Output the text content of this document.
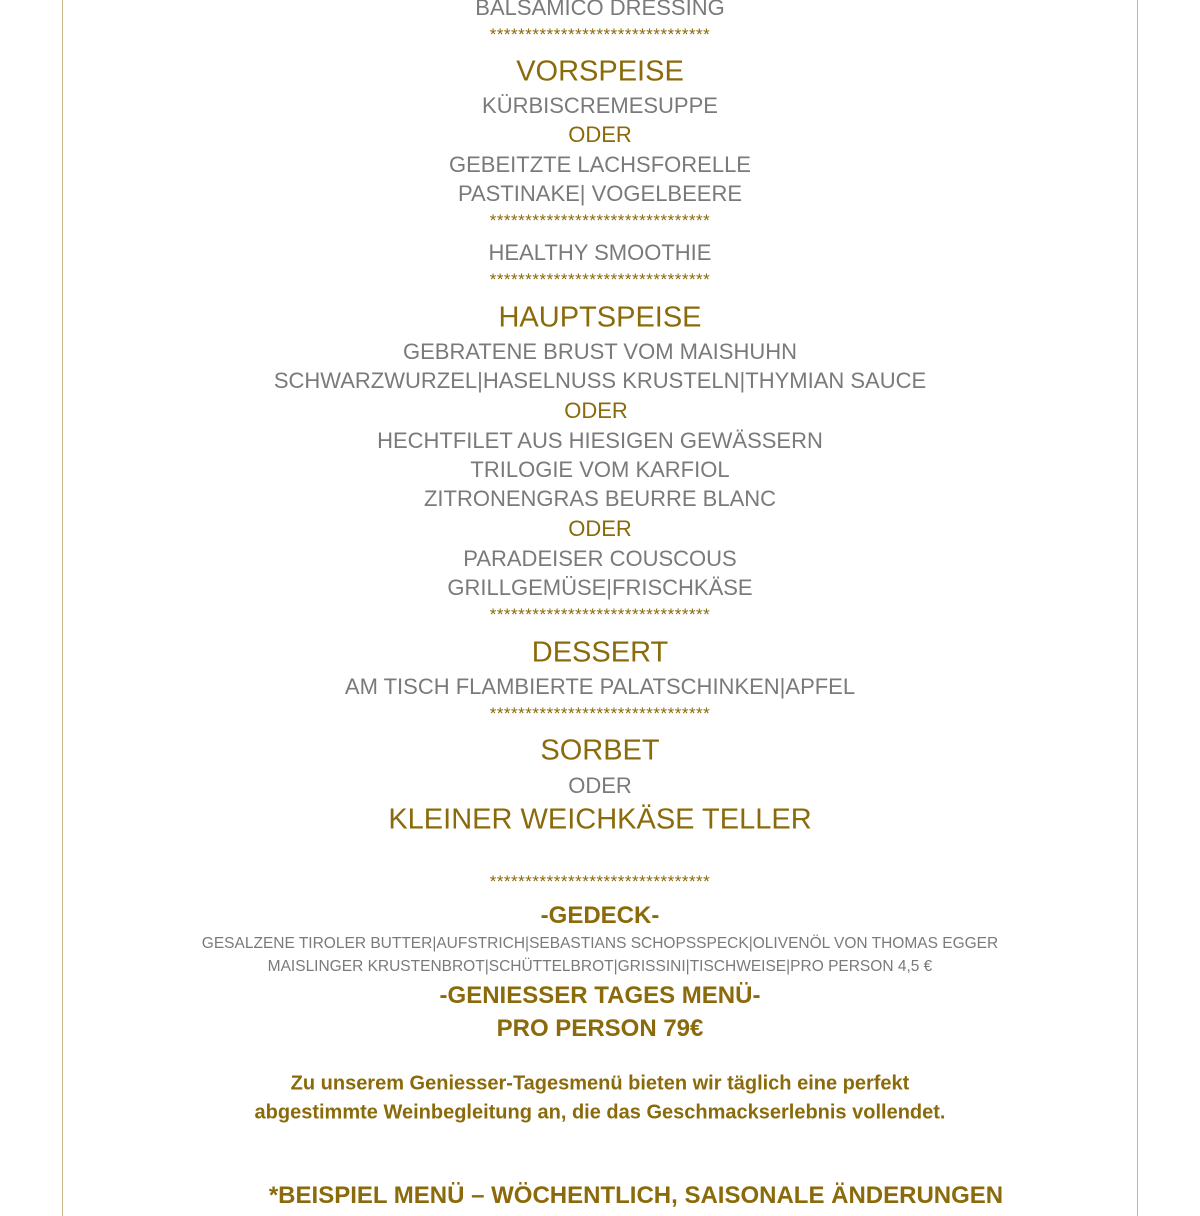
BALSAMICO DRESSING
*******************************
VORSPEISE
KÜRBISCREMESUPPE
ODER
GEBEITZTE LACHSFORELLE
PASTINAKE| VOGELBEERE
*******************************
HEALTHY SMOOTHIE
*******************************
HAUPTSPEISE
GEBRATENE BRUST VOM MAISHUHN
SCHWARZWURZEL|HASELNUSS KRUSTELN|THYMIAN SAUCE
ODER
HECHTFILET AUS HIESIGEN GEWÄSSERN
TRILOGIE VOM KARFIOL
ZITRONENGRAS BEURRE BLANC
ODER
PARADEISER COUSCOUS
GRILLGEMÜSE|FRISCHKÄSE
*******************************
DESSERT
AM TISCH FLAMBIERTE PALATSCHINKEN|APFEL
*******************************
SORBET
ODER
KLEINER WEICHKÄSE TELLER
*******************************
-GEDECK-
GESALZENE TIROLER BUTTER|AUFSTRICH|SEBASTIANS SCHOPSSPECK|OLIVENÖL VON THOMAS EGGER
MAISLINGER KRUSTENBROT|SCHÜTTELBROT|GRISSINI|TISCHWEISE|PRO PERSON 4,5 €
-GENIESSER TAGES MENÜ-
PRO PERSON 79€
Zu unserem Geniesser-Tagesmenü bieten wir täglich eine perfekt
abgestimmte Weinbegleitung an, die das Geschmackserlebnis vollendet.
*BEISPIEL MENÜ – WÖCHENTLICH, SAISONALE ÄNDERUNGEN
